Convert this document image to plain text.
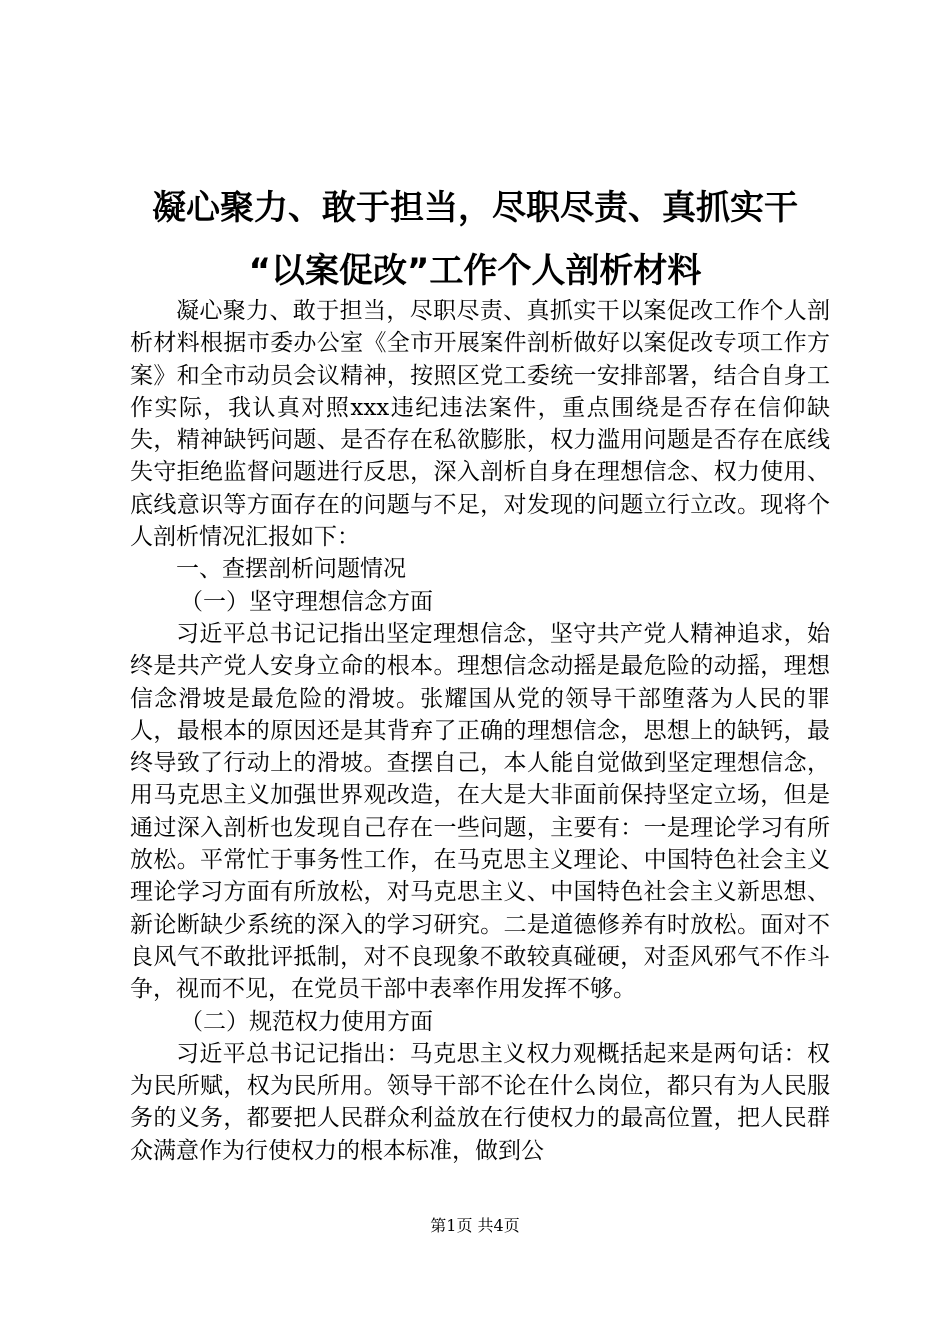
凝心聚力、敢于担当，尽职尽责、真抓实干
“以案促改”工作个人剖析材料

凝心聚力、敢于担当，尽职尽责、真抓实干以案促改工作个人剖析材料根据市委办公室《全市开展案件剖析做好以案促改专项工作方案》和全市动员会议精神，按照区党工委统一安排部署，结合自身工作实际，我认真对照xxx违纪违法案件，重点围绕是否存在信仰缺失，精神缺钙问题、是否存在私欲膨胀，权力滥用问题是否存在底线失守拒绝监督问题进行反思，深入剖析自身在理想信念、权力使用、底线意识等方面存在的问题与不足，对发现的问题立行立改。现将个人剖析情况汇报如下：

一、查摆剖析问题情况

（一）坚守理想信念方面

习近平总书记记指出坚定理想信念，坚守共产党人精神追求，始终是共产党人安身立命的根本。理想信念动摇是最危险的动摇，理想信念滑坡是最危险的滑坡。张耀国从党的领导干部堕落为人民的罪人，最根本的原因还是其背弃了正确的理想信念，思想上的缺钙，最终导致了行动上的滑坡。查摆自己，本人能自觉做到坚定理想信念，用马克思主义加强世界观改造，在大是大非面前保持坚定立场，但是通过深入剖析也发现自己存在一些问题，主要有：一是理论学习有所放松。平常忙于事务性工作，在马克思主义理论、中国特色社会主义理论学习方面有所放松，对马克思主义、中国特色社会主义新思想、新论断缺少系统的深入的学习研究。二是道德修养有时放松。面对不良风气不敢批评抵制，对不良现象不敢较真碰硬，对歪风邪气不作斗争，视而不见，在党员干部中表率作用发挥不够。

（二）规范权力使用方面

习近平总书记记指出：马克思主义权力观概括起来是两句话：权为民所赋，权为民所用。领导干部不论在什么岗位，都只有为人民服务的义务，都要把人民群众利益放在行使权力的最高位置，把人民群众满意作为行使权力的根本标准，做到公

第1页 共4页
